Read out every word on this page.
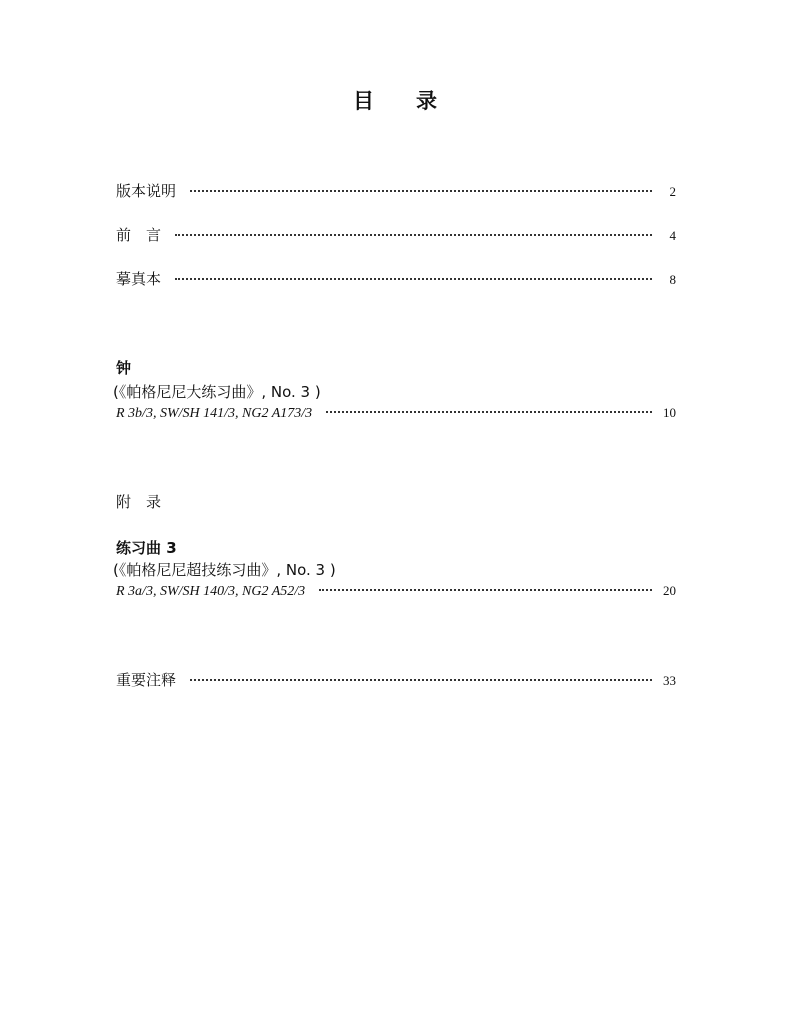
目　　录
版本说明	2
前　言	4
摹真本	8
钟
(《帕格尼尼大练习曲》, No. 3 )
R 3b/3, SW/SH 141/3, NG2 A173/3	10
附　录
练习曲 3
(《帕格尼尼超技练习曲》, No. 3 )
R 3a/3, SW/SH 140/3, NG2 A52/3	20
重要注释	33
